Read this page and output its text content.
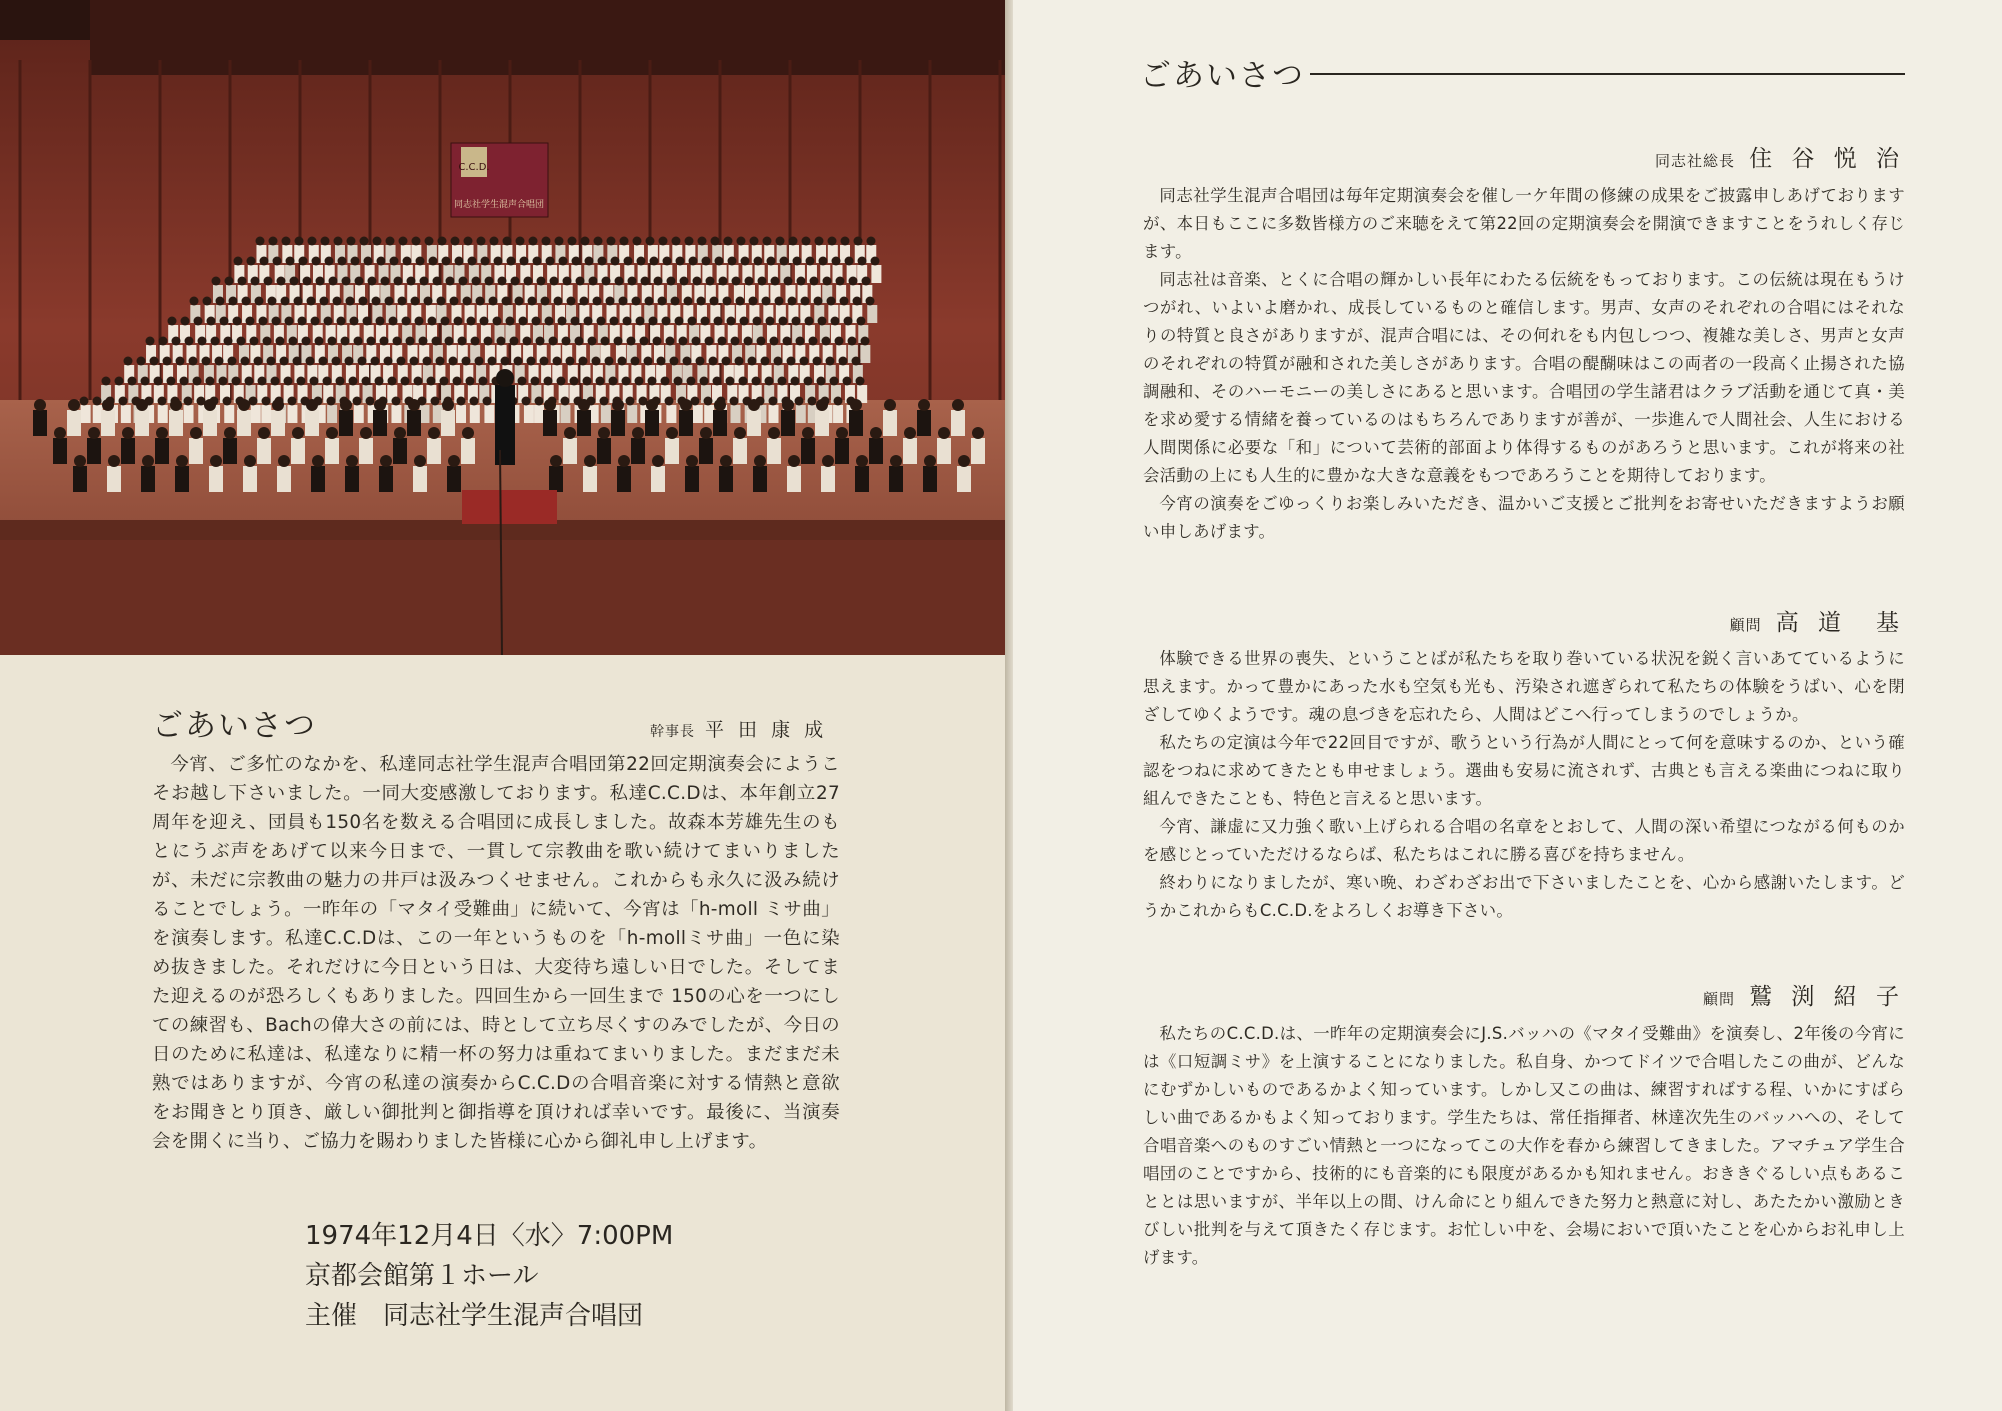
C.C.D.
同志社学生混声合唱団
ごあいさつ	幹事長 平 田 康 成

今宵、ご多忙のなかを、私達同志社学生混声合唱団第22回定期演奏会にようこそお越し下さいました。一同大変感激しております。私達C.C.Dは、本年創立27周年を迎え、団員も150名を数える合唱団に成長しました。故森本芳雄先生のもとにうぶ声をあげて以来今日まで、一貫して宗教曲を歌い続けてまいりましたが、未だに宗教曲の魅力の井戸は汲みつくせません。これからも永久に汲み続けることでしょう。一昨年の「マタイ受難曲」に続いて、今宵は「h-moll ミサ曲」を演奏します。私達C.C.Dは、この一年というものを「h-mollミサ曲」一色に染め抜きました。それだけに今日という日は、大変待ち遠しい日でした。そしてまた迎えるのが恐ろしくもありました。四回生から一回生まで 150の心を一つにしての練習も、Bachの偉大さの前には、時として立ち尽くすのみでしたが、今日の日のために私達は、私達なりに精一杯の努力は重ねてまいりました。まだまだ未熟ではありますが、今宵の私達の演奏からC.C.Dの合唱音楽に対する情熱と意欲をお聞きとり頂き、厳しい御批判と御指導を頂ければ幸いです。最後に、当演奏会を開くに当り、ご協力を賜わりました皆様に心から御礼申し上げます。

1974年12月4日〈水〉7:00PM
京都会館第１ホール
主催　同志社学生混声合唱団
ごあいさつ
同志社総長 住 谷 悦 治

同志社学生混声合唱団は毎年定期演奏会を催し一ケ年間の修練の成果をご披露申しあげておりますが、本日もここに多数皆様方のご来聴をえて第22回の定期演奏会を開演できますことをうれしく存じます。

同志社は音楽、とくに合唱の輝かしい長年にわたる伝統をもっております。この伝統は現在もうけつがれ、いよいよ磨かれ、成長しているものと確信します。男声、女声のそれぞれの合唱にはそれなりの特質と良さがありますが、混声合唱には、その何れをも内包しつつ、複雑な美しさ、男声と女声のそれぞれの特質が融和された美しさがあります。合唱の醍醐味はこの両者の一段高く止揚された協調融和、そのハーモニーの美しさにあると思います。合唱団の学生諸君はクラブ活動を通じて真・美を求め愛する情緒を養っているのはもちろんでありますが善が、一歩進んで人間社会、人生における人間関係に必要な「和」について芸術的部面より体得するものがあろうと思います。これが将来の社会活動の上にも人生的に豊かな大きな意義をもつであろうことを期待しております。

今宵の演奏をごゆっくりお楽しみいただき、温かいご支援とご批判をお寄せいただきますようお願い申しあげます。

顧問 高 道　基

体験できる世界の喪失、ということばが私たちを取り巻いている状況を鋭く言いあてているように思えます。かって豊かにあった水も空気も光も、汚染され遮ぎられて私たちの体験をうばい、心を閉ざしてゆくようです。魂の息づきを忘れたら、人間はどこへ行ってしまうのでしょうか。

私たちの定演は今年で22回目ですが、歌うという行為が人間にとって何を意味するのか、という確認をつねに求めてきたとも申せましょう。選曲も安易に流されず、古典とも言える楽曲につねに取り組んできたことも、特色と言えると思います。

今宵、謙虚に又力強く歌い上げられる合唱の名章をとおして、人間の深い希望につながる何ものかを感じとっていただけるならば、私たちはこれに勝る喜びを持ちません。

終わりになりましたが、寒い晩、わざわざお出で下さいましたことを、心から感謝いたします。どうかこれからもC.C.D.をよろしくお導き下さい。

顧問 鷲 渕 紹 子

私たちのC.C.D.は、一昨年の定期演奏会にJ.S.バッハの《マタイ受難曲》を演奏し、2年後の今宵には《口短調ミサ》を上演することになりました。私自身、かつてドイツで合唱したこの曲が、どんなにむずかしいものであるかよく知っています。しかし又この曲は、練習すればする程、いかにすばらしい曲であるかもよく知っております。学生たちは、常任指揮者、林達次先生のバッハへの、そして合唱音楽へのものすごい情熱と一つになってこの大作を春から練習してきました。アマチュア学生合唱団のことですから、技術的にも音楽的にも限度があるかも知れません。おききぐるしい点もあることとは思いますが、半年以上の間、けん命にとり組んできた努力と熱意に対し、あたたかい激励ときびしい批判を与えて頂きたく存じます。お忙しい中を、会場においで頂いたことを心からお礼申し上げます。
